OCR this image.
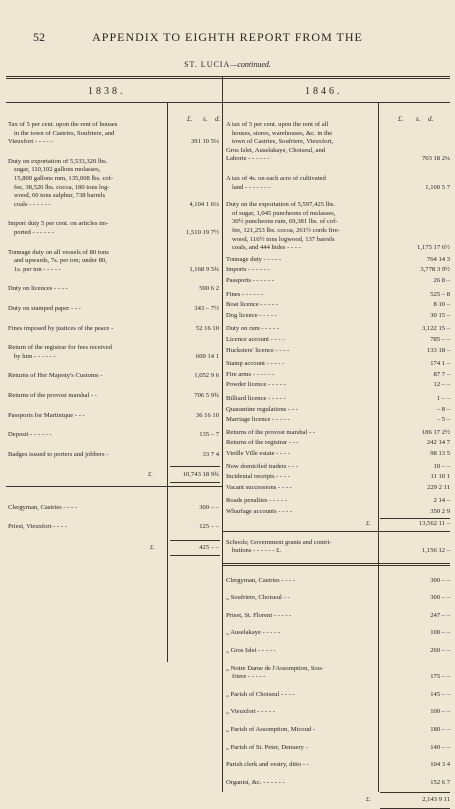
52	APPENDIX TO EIGHTH REPORT FROM THE
ST. LUCIA—continued.
1838.	1846.
£. s. d.
Tax of 5 per cent. upon the rent of houses
in the town of Castries, Soufriere, and
Vieuxfort - - - - -	391 10 5¼
Duty on exportation of 5,533,320 lbs.
sugar, 110,102 gallons molasses,
15,800 gallons rum, 135,008 lbs. cof-
fee, 38,520 lbs. cocoa, 180 tons log-
wood, 60 tons sulphur, 738 barrels
coals - - - - - -	4,104 1 6¼
Import duty 5 per cent. on articles im-
ported - - - - - -	1,510 19 7½
Tonnage duty on all vessels of 80 tons
and upwards, 7s. per ton; under 80,
1s. per ton - - - - -	1,168 9 5¾
Duty on licences - - - -	590 6 2
Duty on stamped paper - - -	343 – 7½
Fines imposed by justices of the peace -	52 16 10
Return of the registrar for fees received
by him - - - - - -	609 14 1
Returns of Her Majesty's Customs -	1,052 9 6
Returns of the provost marshal - -	706 5 9¾
Passports for Martinique - - -	36 16 10
Deposit - - - - - -	135 – 7
Badges issued to porters and jobbers -	33 7 4
£.	10,743 18 9¾
Clergyman, Castries - - - -	300 – –
Priest, Vieuxfort - - - -	125 – –
£.	425 – –
£. s. d.
A tax of 5 per cent. upon the rent of all
houses, stores, warehouses, &c. in the
town of Castries, Soufriere, Vieuxfort,
Gros Islet, Auselakaye, Choiseul, and
Laborie - - - - - -	703 18 2¼
A tax of 4s. on each acre of cultivated
land - - - - - - -	1,100 5 7
Duty on the exportation of 5,597,425 lbs.
of sugar, 1,045 puncheons of molasses,
30½ puncheons rum, 69,381 lbs. of cof-
fee, 121,253 lbs. cocoa, 261½ cords fire-
wood, 116½ tons logwood, 137 barrels
coals, and 444 hides - - - -	1,175 17 6½
Tonnage duty - - - - -	764 14 3
Imports - - - - - -	3,778 3 9½
Passports - - - - - -	26 8 –
Fines - - - - - -	525 – 8
Boat licence - - - - -	8 10 –
Dog licence - - - - -	30 15 –
Duty on rum - - - - -	3,122 15 –
Licence account - - - -	785 – –
Hucksters' licence - - - -	133 18 –
Stamp account - - - - -	174 1 –
Fire arms - - - - - -	87 7 –
Powder licence - - - - -	12 – –
Billiard licence - - - - -	1 – –
Quarantine regulations - - -	– 8 –
Marriage licence - - - - -	– 5 –
Returns of the provost marshal - -	186 17 2½
Returns of the registrar - - -	242 14 7
Vieille Ville estate - - - -	98 13 5
Now domiciled traders - - -	10 – –
Incidental receipts - - - -	11 10 1
Vacant successions - - - -	229 2 11
Roads penalties - - - - -	2 14 –
Wharfage accounts - - - -	350 2 9
£.	13,562 11 –
Schools; Government grants and contri-
butions - - - - - - £.	1,156 12 –
Clergyman, Castries - - - -	300 – –
„ Soufriere, Choiseul - -	300 – –
Priest, St. Florent - - - - -	247 – –
„ Auselakaye - - - - -	100 – –
„ Gros Islet - - - - -	260 – –
„ Notre Dame de l'Assomption, Sou-
friere - - - - -	175 – –
„ Parish of Choiseul - - - -	145 – –
„ Vieuxfort - - - - -	100 – –
„ Parish of Assomption, Micoud -	180 – –
„ Parish of St. Peter, Denuery -	140 – –
Parish clerk and vestry, ditto - -	104 3 4
Organist, &c. - - - - - -	152 6 7
2,143 9 11
£.
